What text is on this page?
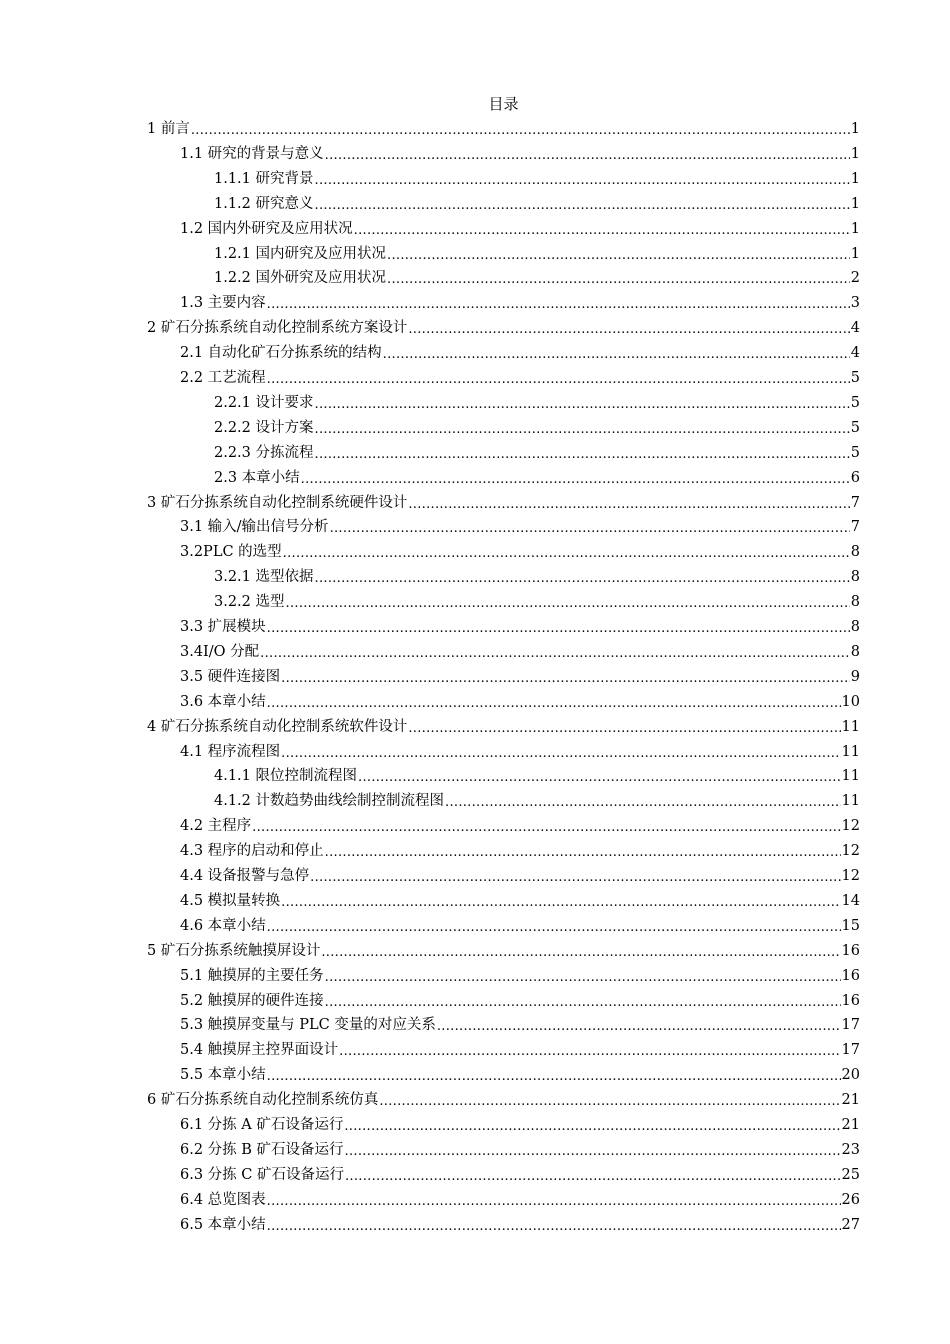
目录
1 前言 .....	1
1.1 研究的背景与意义 .....	1
1.1.1 研究背景 .....	1
1.1.2 研究意义 .....	1
1.2 国内外研究及应用状况 .....	1
1.2.1 国内研究及应用状况 .....	1
1.2.2 国外研究及应用状况 .....	2
1.3 主要内容 .....	3
2 矿石分拣系统自动化控制系统方案设计 .....	4
2.1 自动化矿石分拣系统的结构 .....	4
2.2 工艺流程 .....	5
2.2.1 设计要求 .....	5
2.2.2 设计方案 .....	5
2.2.3 分拣流程 .....	5
2.3 本章小结 .....	6
3 矿石分拣系统自动化控制系统硬件设计 .....	7
3.1 输入/输出信号分析 .....	7
3.2PLC 的选型 .....	8
3.2.1 选型依据 .....	8
3.2.2 选型 .....	8
3.3 扩展模块 .....	8
3.4I/O 分配 .....	8
3.5 硬件连接图 .....	9
3.6 本章小结 .....	10
4 矿石分拣系统自动化控制系统软件设计 .....	11
4.1 程序流程图 .....	11
4.1.1 限位控制流程图 .....	11
4.1.2 计数趋势曲线绘制控制流程图 .....	11
4.2 主程序 .....	12
4.3 程序的启动和停止 .....	12
4.4 设备报警与急停 .....	12
4.5 模拟量转换 .....	14
4.6 本章小结 .....	15
5 矿石分拣系统触摸屏设计 .....	16
5.1 触摸屏的主要任务 .....	16
5.2 触摸屏的硬件连接 .....	16
5.3 触摸屏变量与 PLC 变量的对应关系 .....	17
5.4 触摸屏主控界面设计 .....	17
5.5 本章小结 .....	20
6 矿石分拣系统自动化控制系统仿真 .....	21
6.1 分拣 A 矿石设备运行 .....	21
6.2 分拣 B 矿石设备运行 .....	23
6.3 分拣 C 矿石设备运行 .....	25
6.4 总览图表 .....	26
6.5 本章小结 .....	27
